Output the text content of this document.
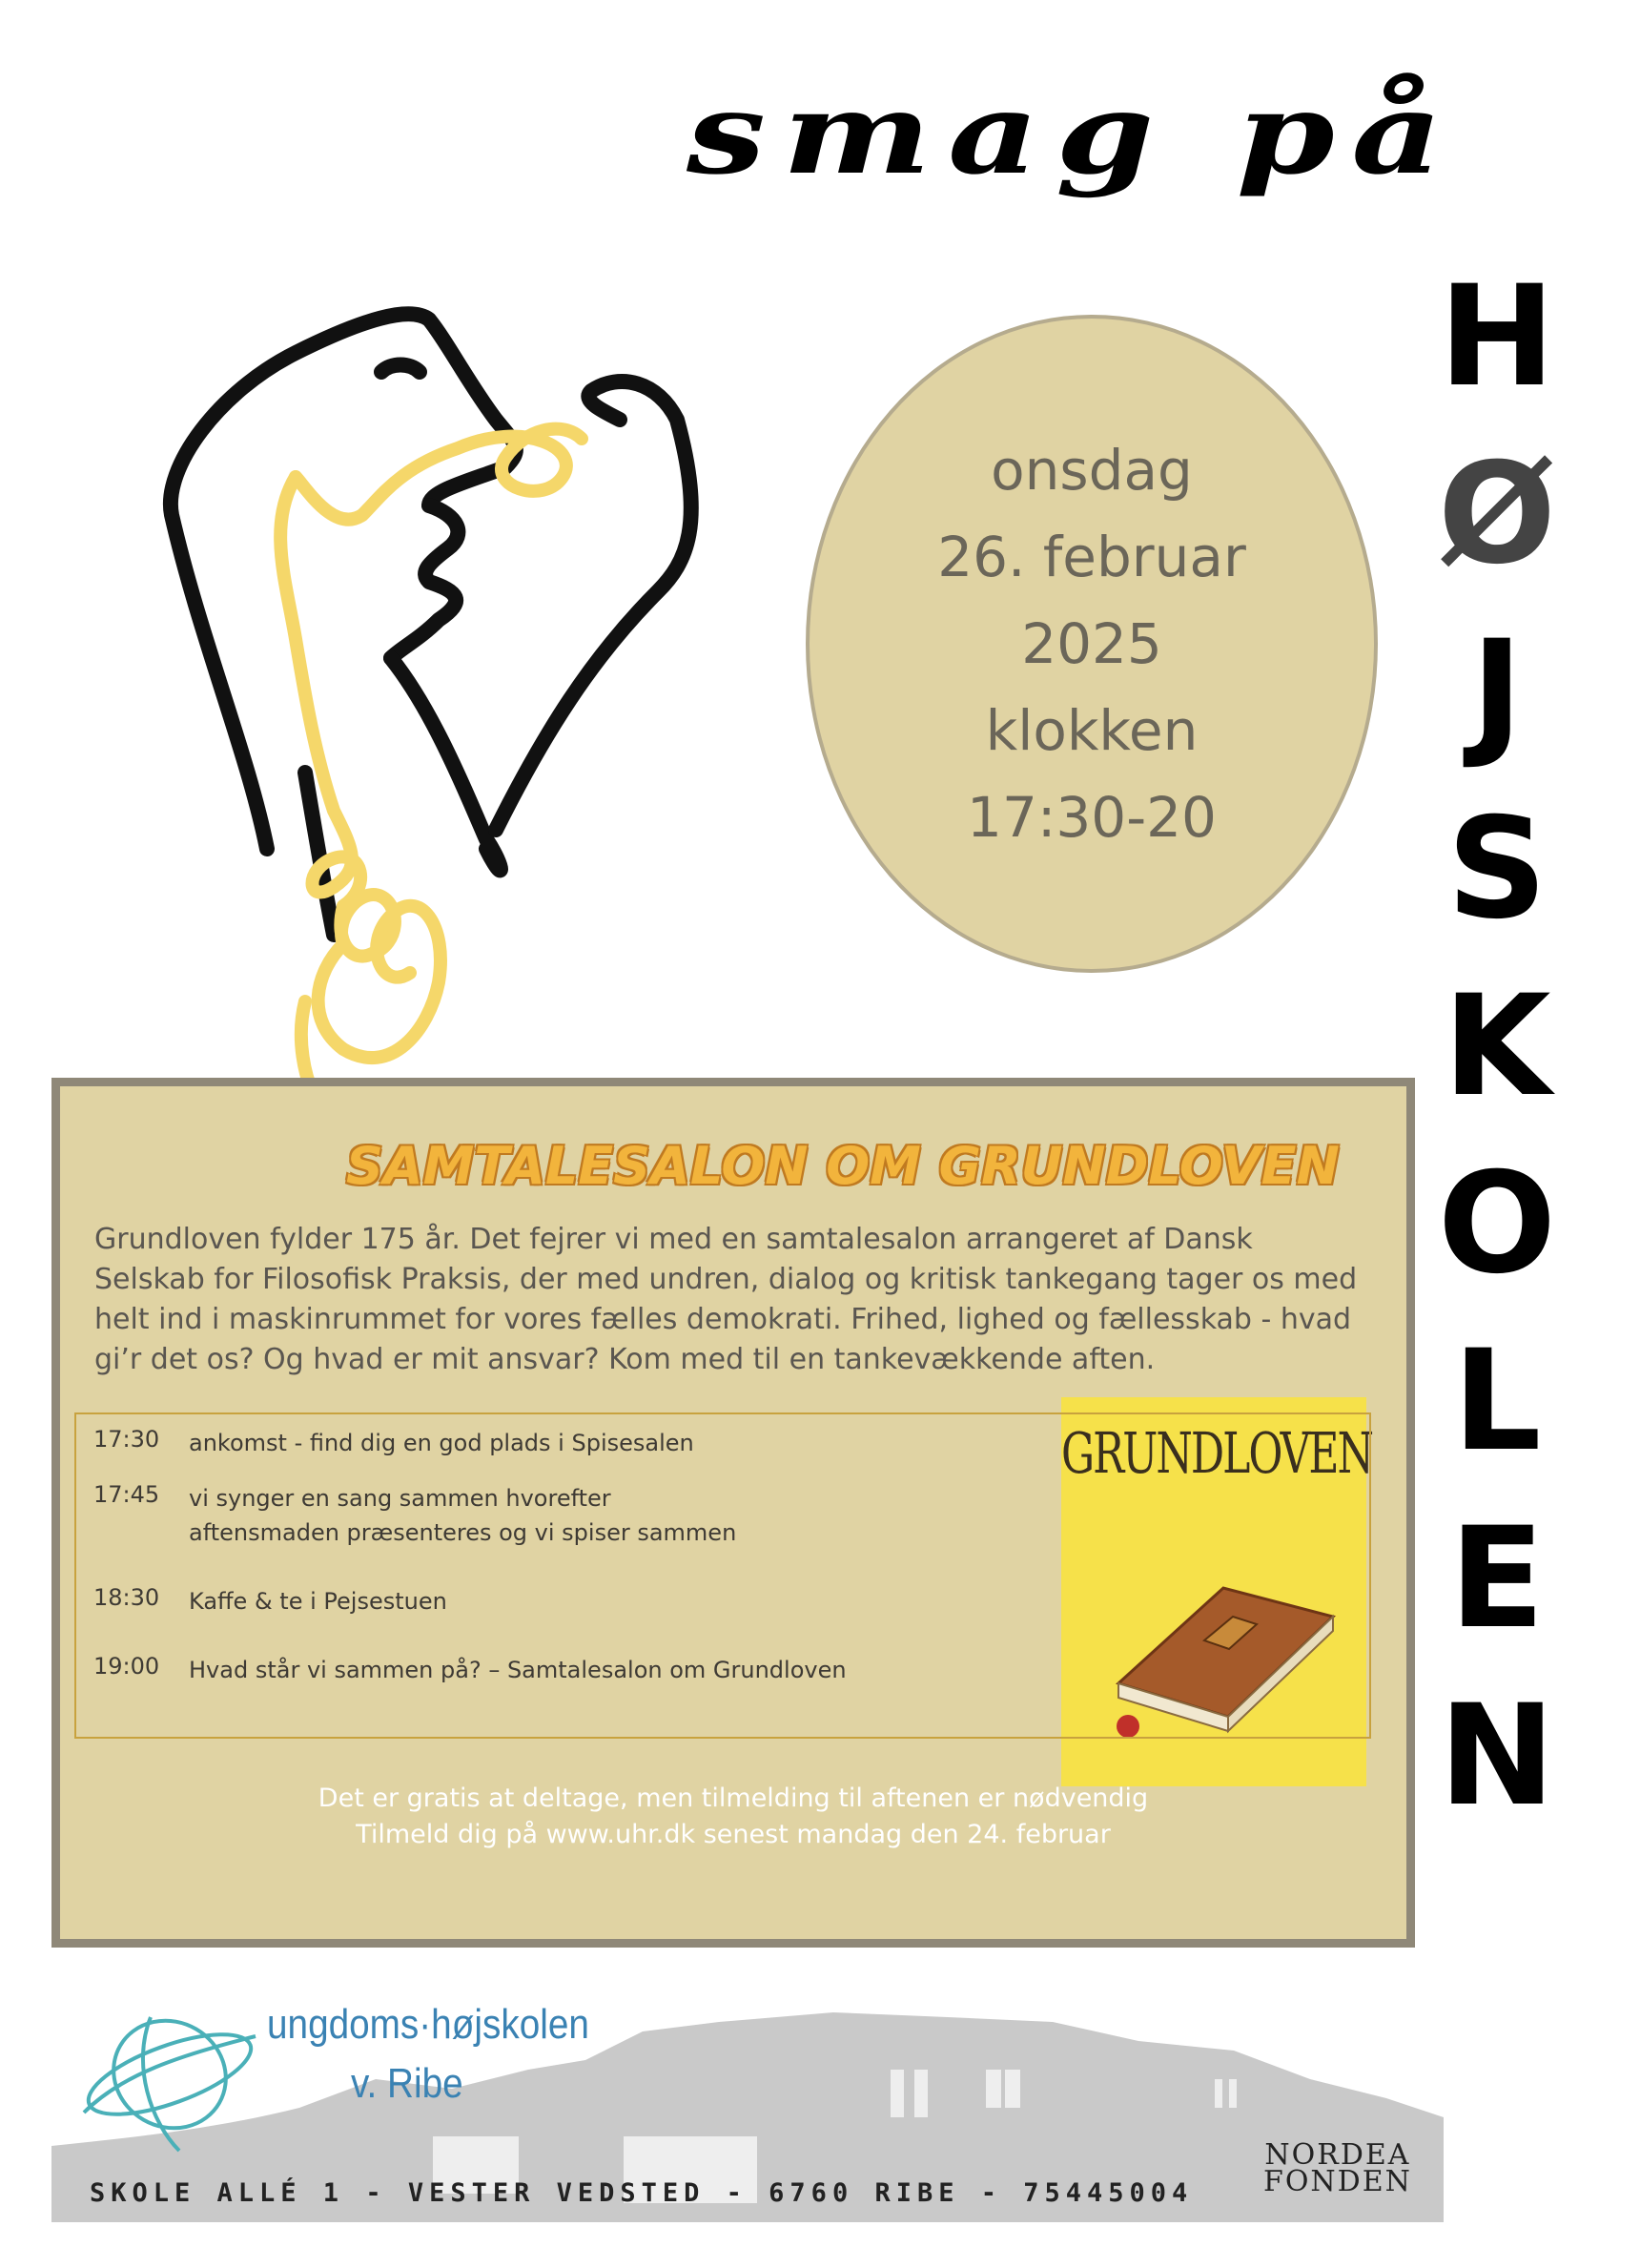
smag på
H
Ø
J
S
K
O
L
E
N
onsdag
26. februar
2025
klokken
17:30-20
SAMTALESALON OM GRUNDLOVEN
Grundloven fylder 175 år. Det fejrer vi med en samtalesalon arrangeret af Dansk Selskab for Filosofisk Praksis, der med undren, dialog og kritisk tankegang tager os med helt ind i maskinrummet for vores fælles demokrati. Frihed, lighed og fællesskab - hvad gi’r det os? Og hvad er mit ansvar? Kom med til en tankevækkende aften.
GRUNDLOVEN
17:30	ankomst - find dig en god plads i Spisesalen
17:45	vi synger en sang sammen hvorefter
aftensmaden præsenteres og vi spiser sammen
18:30	Kaffe & te i Pejsestuen
19:00	Hvad står vi sammen på? – Samtalesalon om Grundloven
Det er gratis at deltage, men tilmelding til aftenen er nødvendig
Tilmeld dig på www.uhr.dk senest mandag den 24. februar
ungdoms·højskolen
v. Ribe
SKOLE ALLÉ 1 - VESTER VEDSTED - 6760 RIBE - 75445004
NORDEA
FONDEN
